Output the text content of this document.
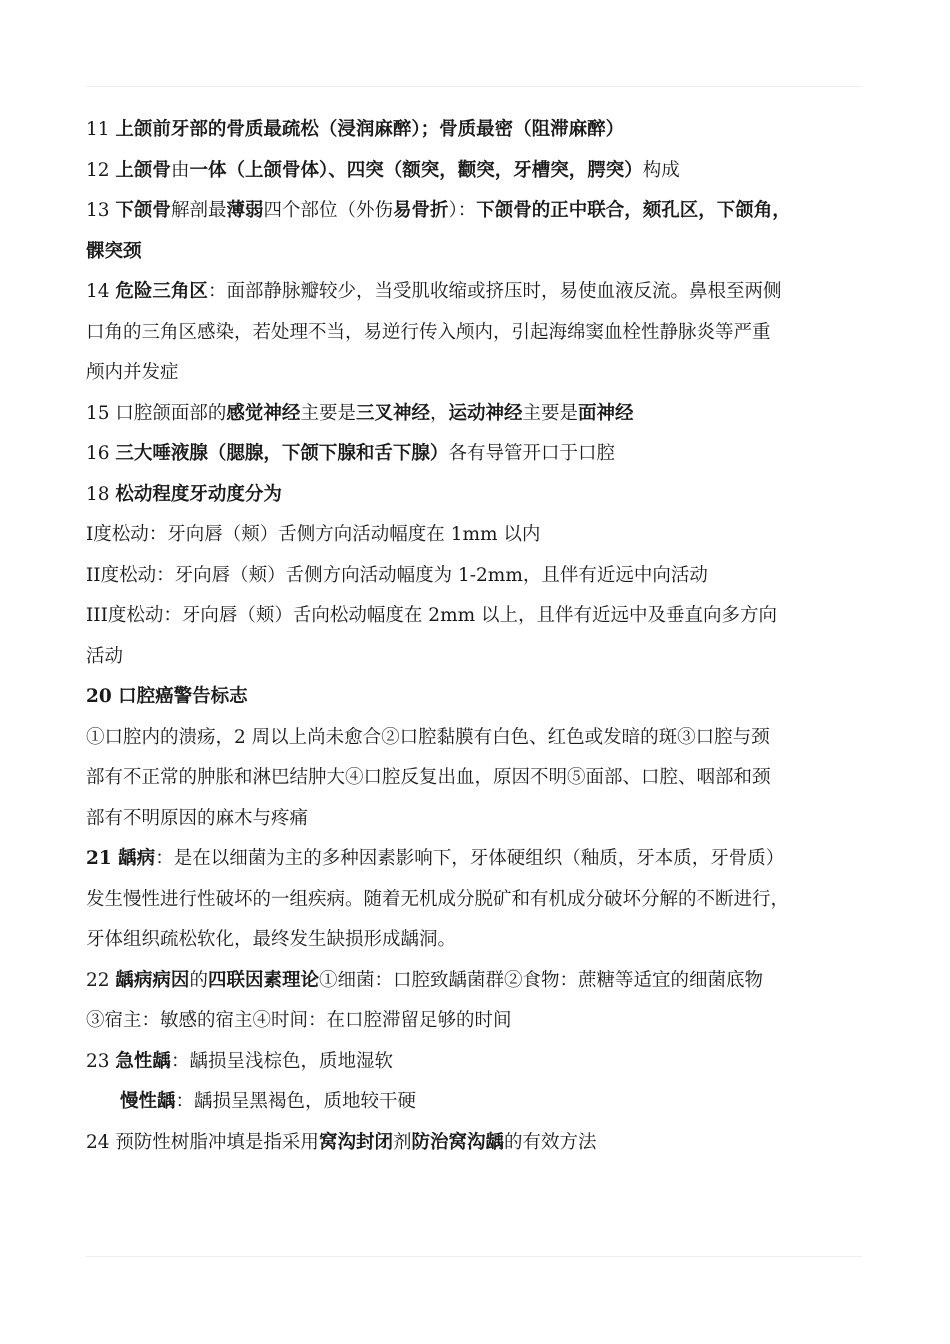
11 上颌前牙部的骨质最疏松（浸润麻醉）；骨质最密（阻滞麻醉）
12 上颌骨由一体（上颌骨体）、四突（额突，颧突，牙槽突，腭突）构成
13 下颌骨解剖最薄弱四个部位（外伤易骨折）：下颌骨的正中联合，颏孔区，下颌角，
髁突颈
14 危险三角区：面部静脉瓣较少，当受肌收缩或挤压时，易使血液反流。鼻根至两侧
口角的三角区感染，若处理不当，易逆行传入颅内，引起海绵窦血栓性静脉炎等严重
颅内并发症
15 口腔颌面部的感觉神经主要是三叉神经，运动神经主要是面神经
16 三大唾液腺（腮腺，下颌下腺和舌下腺）各有导管开口于口腔
18 松动程度牙动度分为
I度松动：牙向唇（颊）舌侧方向活动幅度在 1mm 以内
II度松动：牙向唇（颊）舌侧方向活动幅度为 1-2mm，且伴有近远中向活动
III度松动：牙向唇（颊）舌向松动幅度在 2mm 以上，且伴有近远中及垂直向多方向
活动
20 口腔癌警告标志
①口腔内的溃疡，2 周以上尚未愈合②口腔黏膜有白色、红色或发暗的斑③口腔与颈
部有不正常的肿胀和淋巴结肿大④口腔反复出血，原因不明⑤面部、口腔、咽部和颈
部有不明原因的麻木与疼痛
21 龋病：是在以细菌为主的多种因素影响下，牙体硬组织（釉质，牙本质，牙骨质）
发生慢性进行性破坏的一组疾病。随着无机成分脱矿和有机成分破坏分解的不断进行，
牙体组织疏松软化，最终发生缺损形成龋洞。
22 龋病病因的四联因素理论①细菌：口腔致龋菌群②食物：蔗糖等适宜的细菌底物
③宿主：敏感的宿主④时间：在口腔滞留足够的时间
23 急性龋：龋损呈浅棕色，质地湿软
慢性龋：龋损呈黑褐色，质地较干硬
24 预防性树脂冲填是指采用窝沟封闭剂防治窝沟龋的有效方法
